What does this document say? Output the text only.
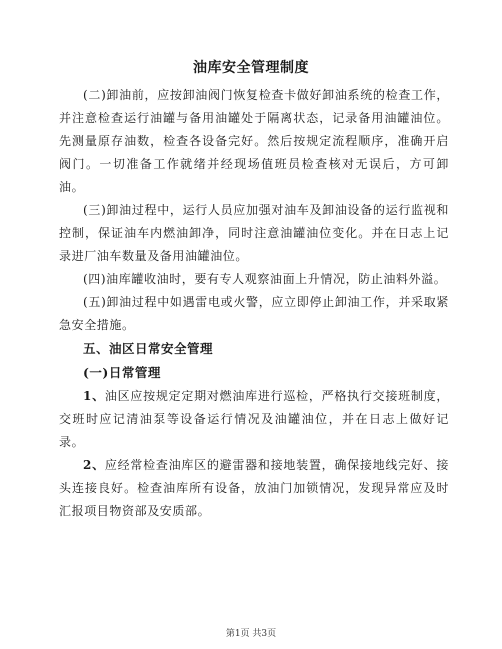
油库安全管理制度

(二)卸油前，应按卸油阀门恢复检查卡做好卸油系统的检查工作，并注意检查运行油罐与备用油罐处于隔离状态，记录备用油罐油位。先测量原存油数，检查各设备完好。然后按规定流程顺序，准确开启阀门。一切准备工作就绪并经现场值班员检查核对无误后，方可卸油。

(三)卸油过程中，运行人员应加强对油车及卸油设备的运行监视和控制，保证油车内燃油卸净，同时注意油罐油位变化。并在日志上记录进厂油车数量及备用油罐油位。

(四)油库罐收油时，要有专人观察油面上升情况，防止油料外溢。

(五)卸油过程中如遇雷电或火警，应立即停止卸油工作，并采取紧急安全措施。

五、油区日常安全管理

(一)日常管理

1、油区应按规定定期对燃油库进行巡检，严格执行交接班制度，交班时应记清油泵等设备运行情况及油罐油位，并在日志上做好记录。

2、应经常检查油库区的避雷器和接地装置，确保接地线完好、接头连接良好。检查油库所有设备，放油门加锁情况，发现异常应及时汇报项目物资部及安质部。

第1页 共3页
